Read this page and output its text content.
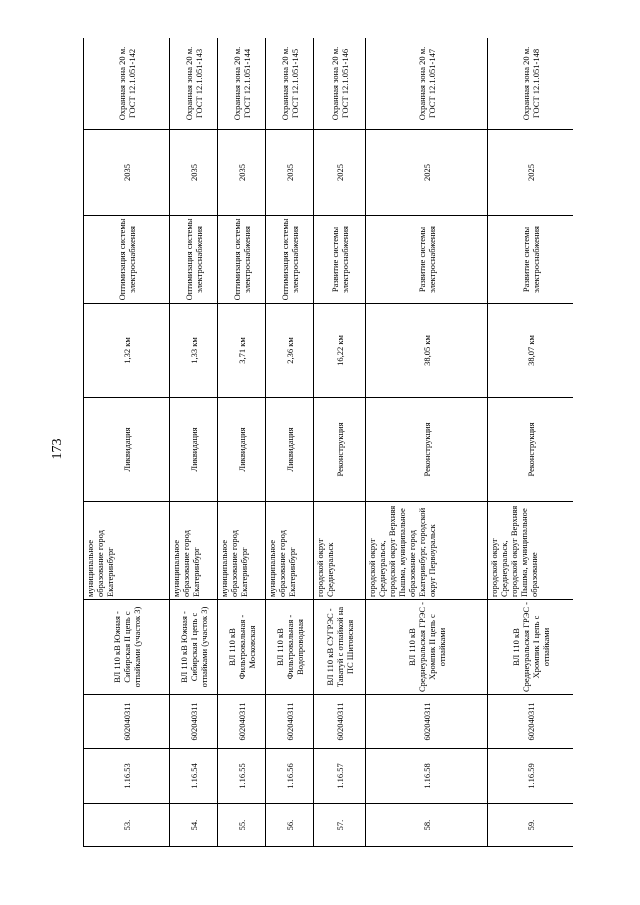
173
53.	1.16.53	602040311	ВЛ 110 кВ Южная - Сибирская II цепь с отпайками (участок 3)	муниципальное образование город Екатеринбург	Ликвидация	1,32 км	Оптимизация системы электроснабжения	2035	Охранная зона 20 м. ГОСТ 12.1.051-142
54.	1.16.54	602040311	ВЛ 110 кВ Южная - Сибирская I цепь с отпайками (участок 3)	муниципальное образование город Екатеринбург	Ликвидация	1,33 км	Оптимизация системы электроснабжения	2035	Охранная зона 20 м. ГОСТ 12.1.051-143
55.	1.16.55	602040311	ВЛ 110 кВ Фильтровальная - Московская	муниципальное образование город Екатеринбург	Ликвидация	3,71 км	Оптимизация системы электроснабжения	2035	Охранная зона 20 м. ГОСТ 12.1.051-144
56.	1.16.56	602040311	ВЛ 110 кВ Фильтровальная - Водопроводная	муниципальное образование город Екатеринбург	Ликвидация	2,36 км	Оптимизация системы электроснабжения	2035	Охранная зона 20 м. ГОСТ 12.1.051-145
57.	1.16.57	602040311	ВЛ 110 кВ СУГРЭС - Таватуй с отпайкой на ПС Шитовская	городской округ Среднеуральск	Реконструкция	16,22 км	Развитие системы электроснабжения	2025	Охранная зона 20 м. ГОСТ 12.1.051-146
58.	1.16.58	602040311	ВЛ 110 кВ Среднеуральская ГРЭС - Хромпик II цепь с отпайками	городской округ Среднеуральск, городской округ Верхняя Пышма, муниципальное образование город Екатеринбург, городской округ Первоуральск	Реконструкция	38,05 км	Развитие системы электроснабжения	2025	Охранная зона 20 м. ГОСТ 12.1.051-147
59.	1.16.59	602040311	ВЛ 110 кВ Среднеуральская ГРЭС - Хромпик I цепь с отпайками	городской округ Среднеуральск, городской округ Верхняя Пышма, муниципальное образование	Реконструкция	38,07 км	Развитие системы электроснабжения	2025	Охранная зона 20 м. ГОСТ 12.1.051-148
